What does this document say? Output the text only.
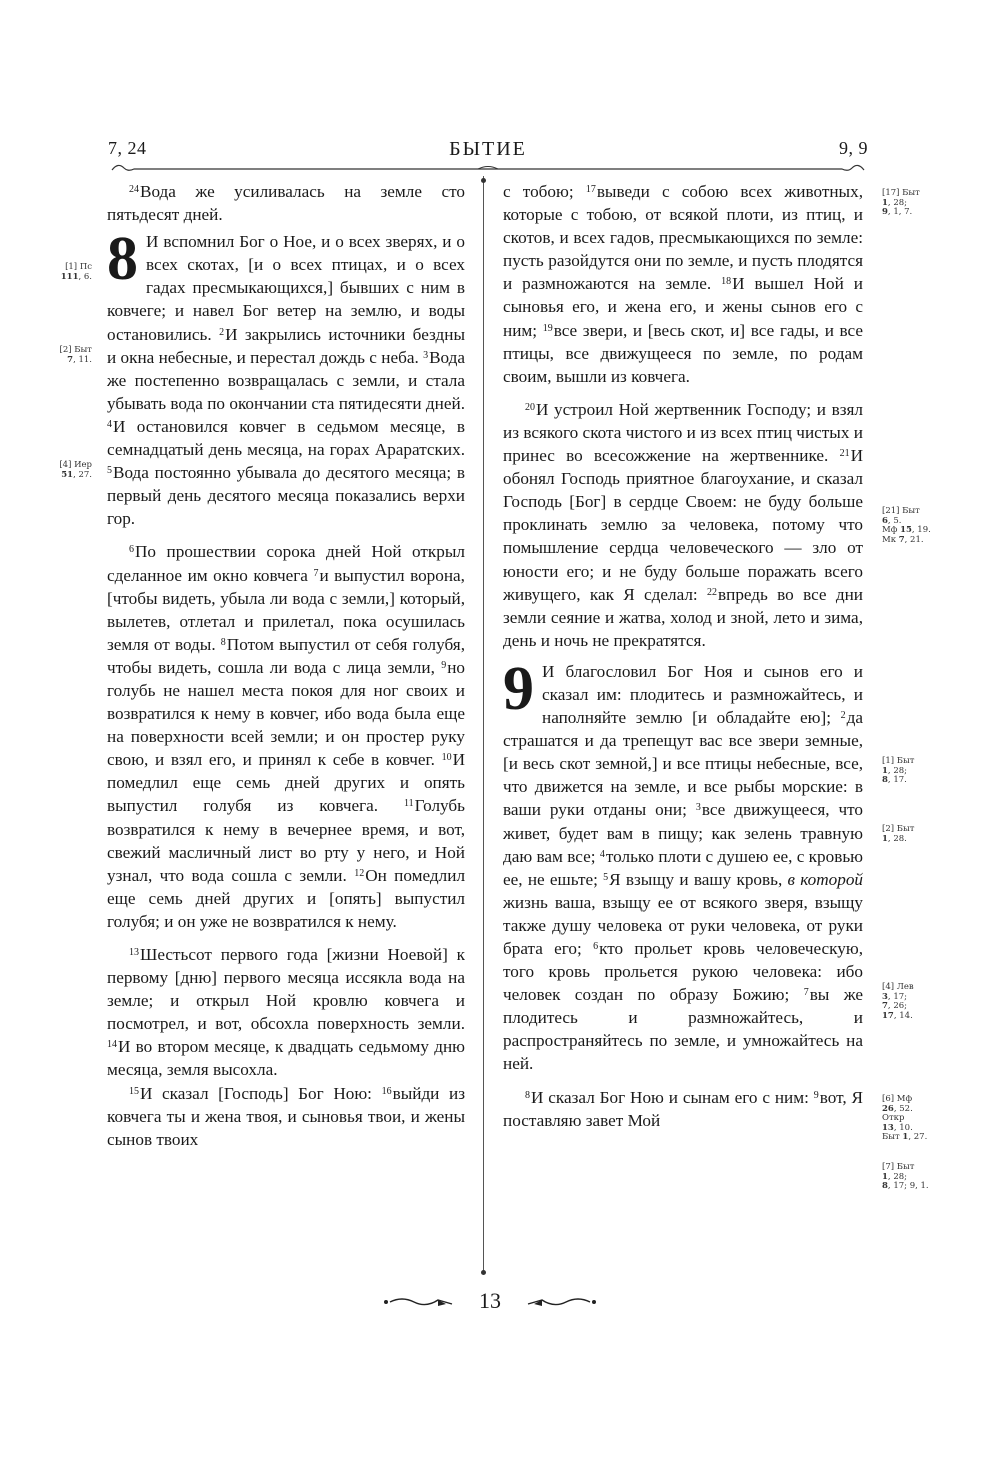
7, 24	БЫТИЕ	9, 9
[1] Пс
111, 6.
[2] Быт
7, 11.
[4] Иер
51, 27.
[17] Быт
1, 28;
9, 1, 7.
[21] Быт
6, 5.
Мф 15, 19.
Мк 7, 21.
[1] Быт
1, 28;
8, 17.
[2] Быт
1, 28.
[4] Лев
3, 17;
7, 26;
17, 14.
[6] Мф
26, 52.
Откр
13, 10.
Быт 1, 27.
[7] Быт
1, 28;
8, 17; 9, 1.

$^{24}$Вода же усиливалась на земле сто пятьдесят дней.

8 И вспомнил Бог о Ное, и о всех зверях, и о всех скотах, [и о всех птицах, и о всех гадах пресмыкающихся,] бывших с ним в ковчеге; и навел Бог ветер на землю, и воды остановились. $^2$И закрылись источники бездны и окна небесные, и перестал дождь с неба. $^3$Вода же постепенно возвращалась с земли, и стала убывать вода по окончании ста пятидесяти дней. $^4$И остановился ковчег в седьмом месяце, в семнадцатый день месяца, на горах Араратских. $^5$Вода постоянно убывала до десятого месяца; в первый день десятого месяца показались верхи гор.

$^6$По прошествии сорока дней Ной открыл сделанное им окно ковчега $^7$и выпустил ворона, [чтобы видеть, убыла ли вода с земли,] который, вылетев, отлетал и прилетал, пока осушилась земля от воды. $^8$Потом выпустил от себя голубя, чтобы видеть, сошла ли вода с лица земли, $^9$но голубь не нашел места покоя для ног своих и возвратился к нему в ковчег, ибо вода была еще на поверхности всей земли; и он простер руку свою, и взял его, и принял к себе в ковчег. $^{10}$И помедлил еще семь дней других и опять выпустил голубя из ковчега.	$^{11}$Голубь возвратился к нему в вечернее время, и вот, свежий масличный лист во рту у него, и Ной узнал, что вода сошла с земли. $^{12}$Он помедлил еще семь дней других и [опять] выпустил голубя; и он уже не возвратился к нему.

$^{13}$Шестьсот первого года [жизни Ноевой] к первому [дню] первого месяца иссякла вода на земле; и открыл Ной кровлю ковчега и посмотрел, и вот, обсохла поверхность земли. $^{14}$И во втором месяце, к двадцать седьмому дню месяца, земля высохла.

$^{15}$И сказал [Господь] Бог Ною: $^{16}$выйди из ковчега ты и жена твоя, и сыновья твои, и жены сынов твоих

с тобою; $^{17}$выведи с собою всех животных, которые с тобою, от всякой плоти, из птиц, и скотов, и всех гадов, пресмыкающихся по земле: пусть разойдутся они по земле, и пусть плодятся и размножаются на земле. $^{18}$И вышел Ной и сыновья его, и жена его, и жены сынов его с ним; $^{19}$все звери, и [весь скот, и] все гады, и все птицы, все движущееся по земле, по родам своим, вышли из ковчега.

$^{20}$И устроил Ной жертвенник Господу; и взял из всякого скота чистого и из всех птиц чистых и принес во всесожжение на жертвеннике. $^{21}$И обонял Господь приятное благоухание, и сказал Господь [Бог] в сердце Своем: не буду больше проклинать землю за человека, потому что помышление сердца человеческого — зло от юности его; и не буду больше поражать всего живущего, как Я сделал: $^{22}$впредь во все дни земли сеяние и жатва, холод и зной, лето и зима, день и ночь не прекратятся.

9 И благословил Бог Ноя и сынов его и сказал им: плодитесь и размножайтесь, и наполняйте землю [и обладайте ею]; $^2$да страшатся и да трепещут вас все звери земные, [и весь скот земной,] и все птицы небесные, все, что движется на земле, и все рыбы морские: в ваши руки отданы они; $^3$все движущееся, что живет, будет вам в пищу; как зелень травную даю вам все; $^4$только плоти с душею ее, с кровью ее, не ешьте; $^5$Я взыщу и вашу кровь, в которой жизнь ваша, взыщу ее от всякого зверя, взыщу также душу человека от руки человека, от руки брата его; $^6$кто прольет кровь человеческую, того кровь прольется рукою человека: ибо человек создан по образу Божию; $^7$вы же плодитесь и размножайтесь, и распространяйтесь по земле, и умножайтесь на ней.

$^8$И сказал Бог Ною и сынам его с ним: $^9$вот, Я поставляю завет Мой

13
